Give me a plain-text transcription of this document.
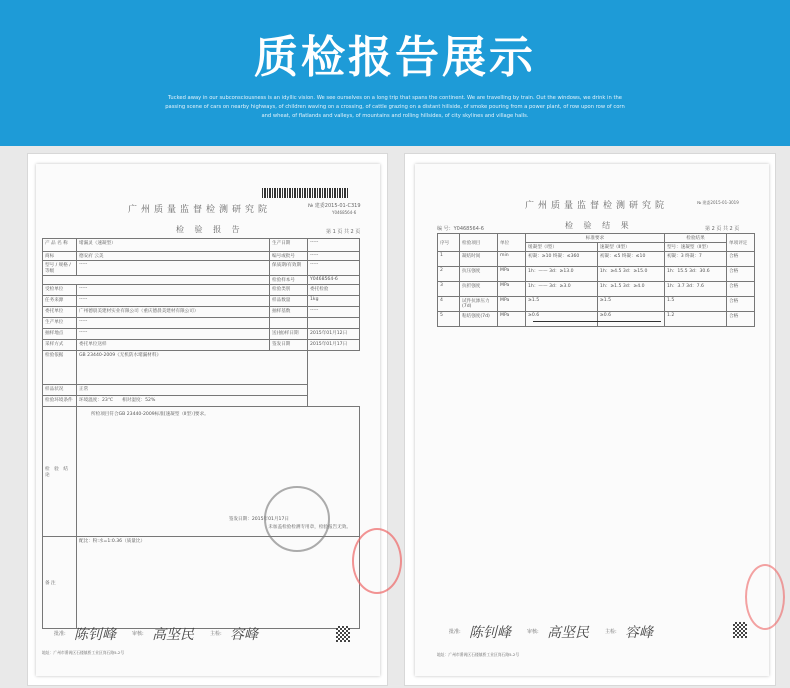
质检报告展示

Tucked away in our subconsciousness is an idyllic vision. We see ourselves on a long trip that spans the continent. We are travelling by train. Out the windows, we drink in the passing scene of cars on nearby highways, of children waving on a crossing, of cattle grazing on a distant hillside, of smoke pouring from a power plant, of row upon row of corn and wheat, of flatlands and valleys, of mountains and rolling hillsides, of city skylines and village halls.

广州质量监督检测研究院	№ 建委2015-01-C319
Y0468564-6
检 验 报 告	第 1 页 共 2 页
产 品 名 称	堵漏灵（速凝型）	生产日期	-----
商标	德安府 云美	编号或批号	-----
型号 / 规格 / 等级	-----	保质期/有效期	-----
		检验样本号	Y0468564-6
受检单位	-----	检验类别	委托检验
任务来源	-----	样品数量	1kg
委托单位	广州德晨美建材实业有限公司（重庆德晨美建材有限公司）	抽样基数	-----
生产单位	-----		
抽样地点	-----	送(抽)样日期	2015年01月12日
采样方式	委托单位送样	签发日期	2015年01月17日
检验依据	GB 23440-2009《无机防水堵漏材料》		
样品状况	正常		
检验环境条件	环境温度：23℃　　相对湿度：52%		
检　验　结　论	所检项目符合GB 23440-2009标准[速凝型（Ⅱ型）]要求。
签发日期：2015年01月17日
未加盖检验检测专用章，检验报告无效。		

备 注	配比：粉:水=1:0.36（质量比）		
批准: 陈钊峰	审核: 高坚民	主检: 容峰
地址：广州市番禺区石楼镇桥工业区岗石路5-2号
广州质量监督检测研究院	№ 建委2015-01-3019
编 号：Y0468564-6	检 验 结 果	第 2 页 共 2 页
序号	检验项目	单位	标准要求		检验结果	单项评定
			缓凝型（Ⅰ型）	速凝型（Ⅱ型）	型号：速凝型（Ⅱ型）	
1	凝结时间	min	初凝：≥10 终凝：≤360	初凝：≤5 终凝：≤10	初凝：3 终凝：7	合格
2	抗压强度	MPa	1h：—— 3d：≥13.0	1h：≥4.5 3d：≥15.0	1h：15.5 3d：30.6	合格
3	抗折强度	MPa	1h：—— 3d：≥3.0	1h：≥1.5 3d：≥4.0	1h：3.7 3d：7.6	合格
4	试件抗渗压力(7d)	MPa	≥1.5	≥1.5	1.5	合格
5	粘结强度(7d)	MPa	≥0.6	≥0.6	1.2	合格
批准: 陈钊峰	审核: 高坚民	主检: 容峰
地址：广州市番禺区石楼镇桥工业区岗石路5-2号
